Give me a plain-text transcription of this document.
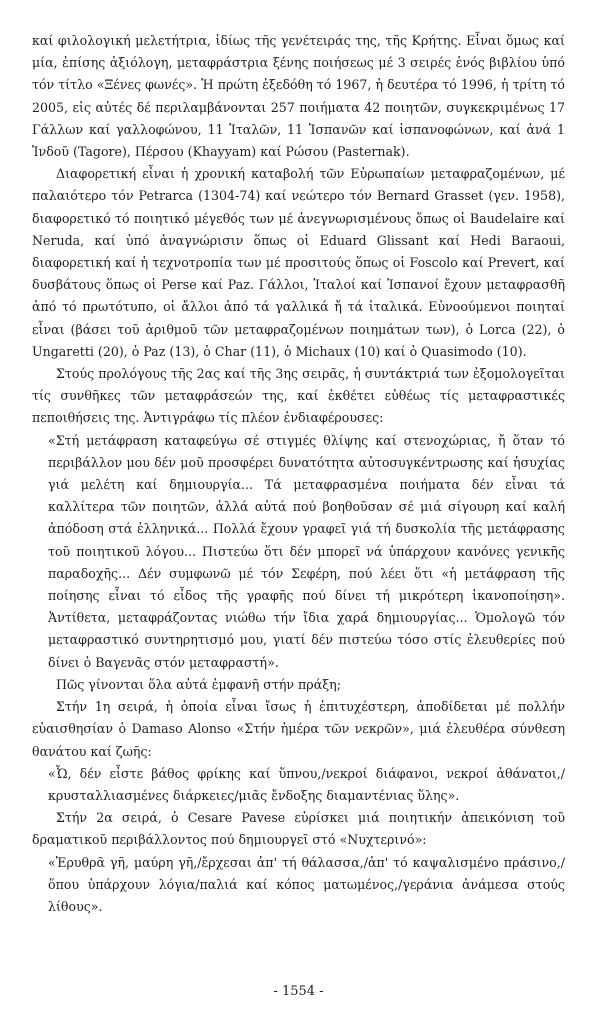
καί φιλολογική μελετήτρια, ἰδίως τῆς γενέτειράς της, τῆς Κρήτης. Εἶναι ὅμως καί μία, ἐπίσης ἀξιόλογη, μεταφράστρια ξένης ποιήσεως μέ 3 σειρές ἑνός βιβλίου ὑπό τόν τίτλο «Ξένες φωνές». Ἡ πρώτη ἐξεδόθη τό 1967, ἡ δευτέρα τό 1996, ἡ τρίτη τό 2005, εἰς αὐτές δέ περιλαμβάνονται 257 ποιήματα 42 ποιητῶν, συγκεκριμένως 17 Γάλλων καί γαλλοφώνου, 11 Ἰταλῶν, 11 Ἰσπανῶν καί ἰσπανοφώνων, καί ἀνά 1 Ἰνδοῦ (Tagore), Πέρσου (Khayyam) καί Ρώσου (Pasternak).

Διαφορετική εἶναι ἡ χρονική καταβολή τῶν Εὐρωπαίων μεταφραζομένων, μέ παλαιότερο τόν Petrarca (1304-74) καί νεώτερο τόν Bernard Grasset (γεν. 1958), διαφορετικό τό ποιητικό μέγεθός των μέ ἀνεγνωρισμένους ὅπως οἱ Baudelaire καί Neruda, καί ὑπό ἀναγνώρισιν ὅπως οἱ Eduard Glissant καί Hedi Baraoui, διαφορετική καί ἡ τεχνοτροπία των μέ προσιτούς ὅπως οἱ Foscolo καί Prevert, καί δυσβάτους ὅπως οἱ Perse καί Paz. Γάλλοι, Ἰταλοί καί Ἰσπανοί ἔχουν μεταφρασθῆ ἀπό τό πρωτότυπο, οἱ ἄλλοι ἀπό τά γαλλικά ἤ τά ἰταλικά. Εὐνοούμενοι ποιηταί εἶναι (βάσει τοῦ ἀριθμοῦ τῶν μεταφραζομένων ποιημάτων των), ὁ Lorca (22), ὁ Ungaretti (20), ὁ Paz (13), ὁ Char (11), ὁ Michaux (10) καί ὁ Quasimodo (10).

Στούς προλόγους τῆς 2ας καί τῆς 3ης σειρᾶς, ἡ συντάκτριά των ἐξομολογεῖται τίς συνθῆκες τῶν μεταφράσεών της, καί ἐκθέτει εὐθέως τίς μεταφραστικές πεποιθήσεις της. Ἀντιγράφω τίς πλέον ἐνδιαφέρουσες:

«Στή μετάφραση καταφεύγω σέ στιγμές θλίψης καί στενοχώριας, ἤ ὅταν τό περιβάλλον μου δέν μοῦ προσφέρει δυνατότητα αὐτοσυγκέντρωσης καί ἡσυχίας γιά μελέτη καί δημιουργία... Τά μεταφρασμένα ποιήματα δέν εἶναι τά καλλίτερα τῶν ποιητῶν, ἀλλά αὐτά πού βοηθοῦσαν σέ μιά σίγουρη καί καλή ἀπόδοση στά ἑλληνικά... Πολλά ἔχουν γραφεῖ γιά τή δυσκολία τῆς μετάφρασης τοῦ ποιητικοῦ λόγου... Πιστεύω ὅτι δέν μπορεῖ νά ὑπάρχουν κανόνες γενικῆς παραδοχῆς... Δέν συμφωνῶ μέ τόν Σεφέρη, πού λέει ὅτι «ἡ μετάφραση τῆς ποίησης εἶναι τό εἶδος τῆς γραφῆς πού δίνει τή μικρότερη ἱκανοποίηση». Ἀντίθετα, μεταφράζοντας νιώθω τήν ἴδια χαρά δημιουργίας... Ὁμολογῶ τόν μεταφραστικό συντηρητισμό μου, γιατί δέν πιστεύω τόσο στίς ἐλευθερίες πού δίνει ὁ Βαγενᾶς στόν μεταφραστή».

Πῶς γίνονται ὅλα αὐτά ἐμφανῆ στήν πράξη;

Στήν 1η σειρά, ἡ ὁποία εἶναι ἴσως ἡ ἐπιτυχέστερη, ἀποδίδεται μέ πολλήν εὐαισθησίαν ὁ Damaso Alonso «Στήν ἡμέρα τῶν νεκρῶν», μιά ἐλευθέρα σύνθεση θανάτου καί ζωῆς:

«Ὦ, δέν εἶστε βάθος φρίκης καί ὕπνου,/νεκροί διάφανοι, νεκροί ἀθάνατοι,/ κρυσταλλιασμένες διάρκειες/μιᾶς ἔνδοξης διαμαντένιας ὕλης».

Στήν 2α σειρά, ὁ Cesare Pavese εὑρίσκει μιά ποιητικήν ἀπεικόνιση τοῦ δραματικοῦ περιβάλλοντος πού δημιουργεῖ στό «Νυχτερινό»:

«Ἐρυθρᾶ γῆ, μαύρη γῆ,/ἔρχεσαι ἀπ' τή θάλασσα,/ἀπ' τό καψαλισμένο πράσινο,/ὅπου ὑπάρχουν λόγια/παλιά καί κόπος ματωμένος,/γεράνια ἀνάμεσα στούς λίθους».

- 1554 -
